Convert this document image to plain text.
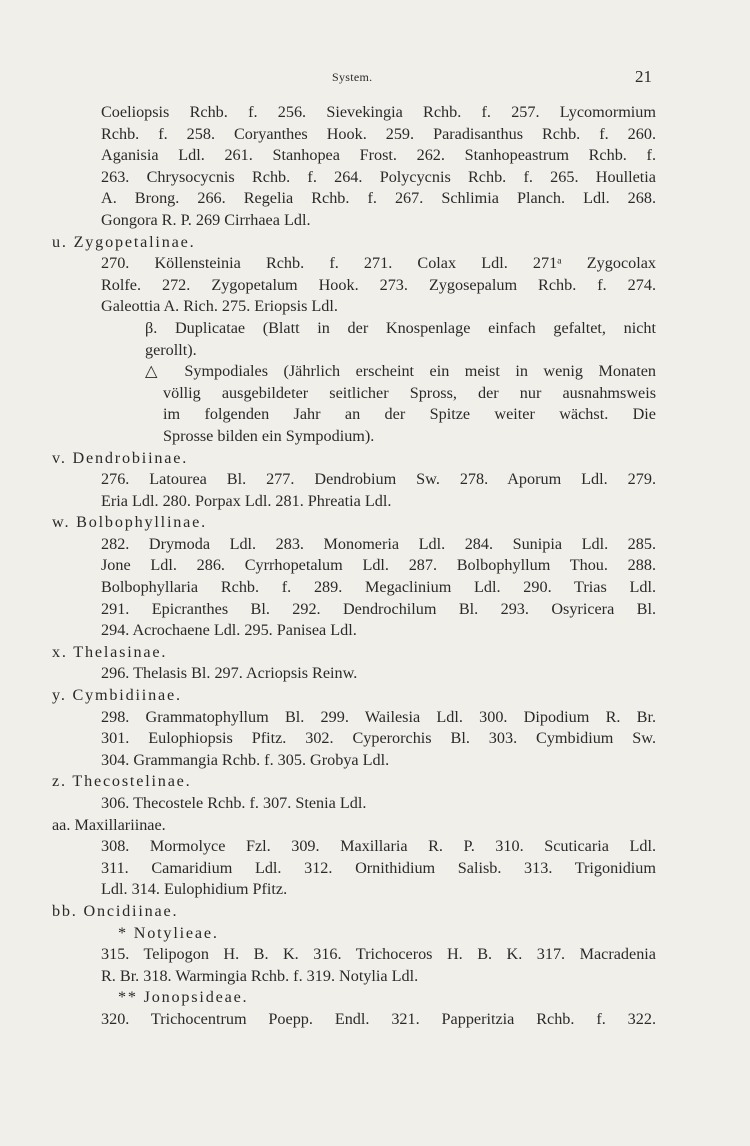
System.	21
Coeliopsis Rchb. f. 256. Sievekingia Rchb. f. 257. Lycomormium
Rchb. f. 258. Coryanthes Hook. 259. Paradisanthus Rchb. f. 260.
Aganisia Ldl. 261. Stanhopea Frost. 262. Stanhopeastrum Rchb. f.
263. Chrysocycnis Rchb. f. 264. Polycycnis Rchb. f. 265. Houlletia
A. Brong. 266. Regelia Rchb. f. 267. Schlimia Planch. Ldl. 268.
Gongora R. P. 269 Cirrhaea Ldl.
u. Zygopetalinae.
270. Köllensteinia Rchb. f. 271. Colax Ldl. 271ᵃ Zygocolax
Rolfe. 272. Zygopetalum Hook. 273. Zygosepalum Rchb. f. 274.
Galeottia A. Rich. 275. Eriopsis Ldl.
β. Duplicatae (Blatt in der Knospenlage einfach gefaltet, nicht
gerollt).
△ Sympodiales (Jährlich erscheint ein meist in wenig Monaten
völlig ausgebildeter seitlicher Spross, der nur ausnahmsweis
im folgenden Jahr an der Spitze weiter wächst. Die
Sprosse bilden ein Sympodium).
v. Dendrobiinae.
276. Latourea Bl. 277. Dendrobium Sw. 278. Aporum Ldl. 279.
Eria Ldl. 280. Porpax Ldl. 281. Phreatia Ldl.
w. Bolbophyllinae.
282. Drymoda Ldl. 283. Monomeria Ldl. 284. Sunipia Ldl. 285.
Jone Ldl. 286. Cyrrhopetalum Ldl. 287. Bolbophyllum Thou. 288.
Bolbophyllaria Rchb. f. 289. Megaclinium Ldl. 290. Trias Ldl.
291. Epicranthes Bl. 292. Dendrochilum Bl. 293. Osyricera Bl.
294. Acrochaene Ldl. 295. Panisea Ldl.
x. Thelasinae.
296. Thelasis Bl. 297. Acriopsis Reinw.
y. Cymbidiinae.
298. Grammatophyllum Bl. 299. Wailesia Ldl. 300. Dipodium R. Br.
301. Eulophiopsis Pfitz. 302. Cyperorchis Bl. 303. Cymbidium Sw.
304. Grammangia Rchb. f. 305. Grobya Ldl.
z. Thecostelinae.
306. Thecostele Rchb. f. 307. Stenia Ldl.
aa. Maxillariinae.
308. Mormolyce Fzl. 309. Maxillaria R. P. 310. Scuticaria Ldl.
311. Camaridium Ldl. 312. Ornithidium Salisb. 313. Trigonidium
Ldl. 314. Eulophidium Pfitz.
bb. Oncidiinae.
* Notylieae.
315. Telipogon H. B. K. 316. Trichoceros H. B. K. 317. Macradenia
R. Br. 318. Warmingia Rchb. f. 319. Notylia Ldl.
** Jonopsideae.
320. Trichocentrum Poepp. Endl. 321. Papperitzia Rchb. f. 322.
